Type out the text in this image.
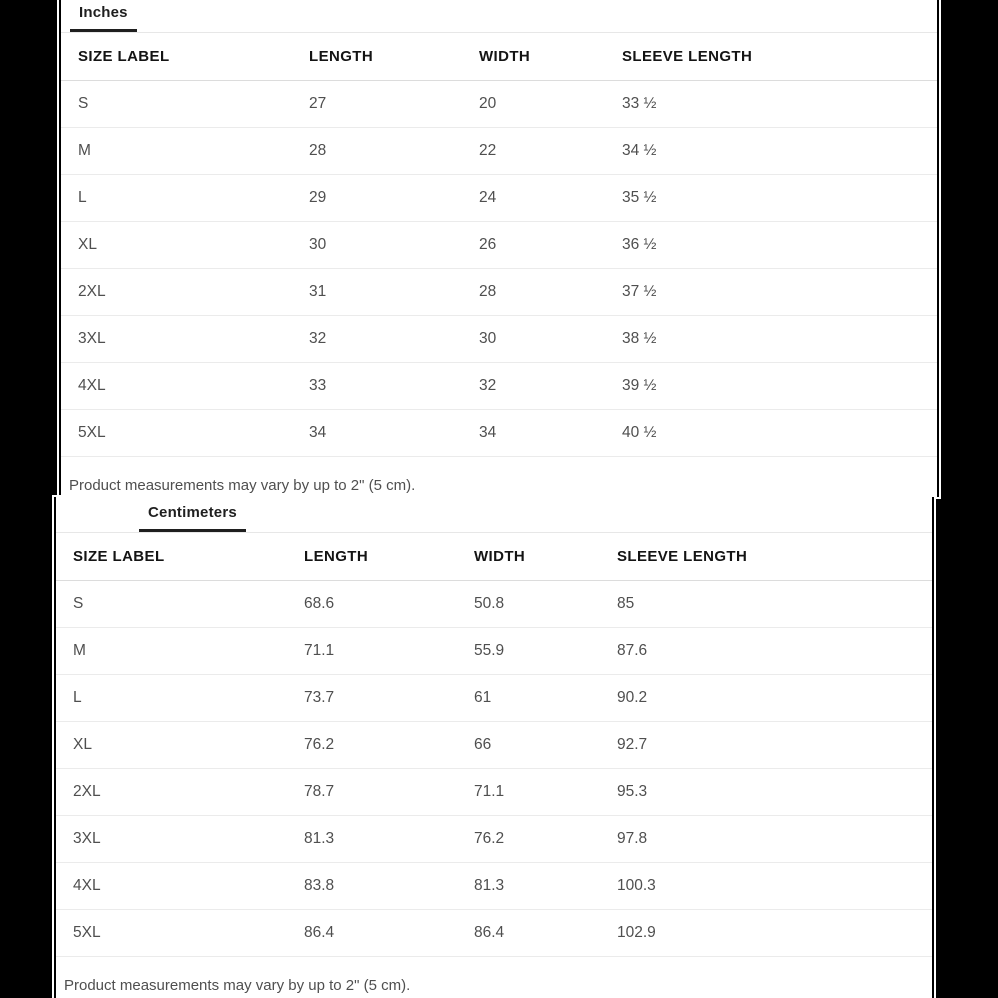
Inches
SIZE LABEL	LENGTH	WIDTH	SLEEVE LENGTH
S	27	20	33 ½
M	28	22	34 ½
L	29	24	35 ½
XL	30	26	36 ½
2XL	31	28	37 ½
3XL	32	30	38 ½
4XL	33	32	39 ½
5XL	34	34	40 ½
Product measurements may vary by up to 2" (5 cm).
Centimeters
SIZE LABEL	LENGTH	WIDTH	SLEEVE LENGTH
S	68.6	50.8	85
M	71.1	55.9	87.6
L	73.7	61	90.2
XL	76.2	66	92.7
2XL	78.7	71.1	95.3
3XL	81.3	76.2	97.8
4XL	83.8	81.3	100.3
5XL	86.4	86.4	102.9
Product measurements may vary by up to 2" (5 cm).
